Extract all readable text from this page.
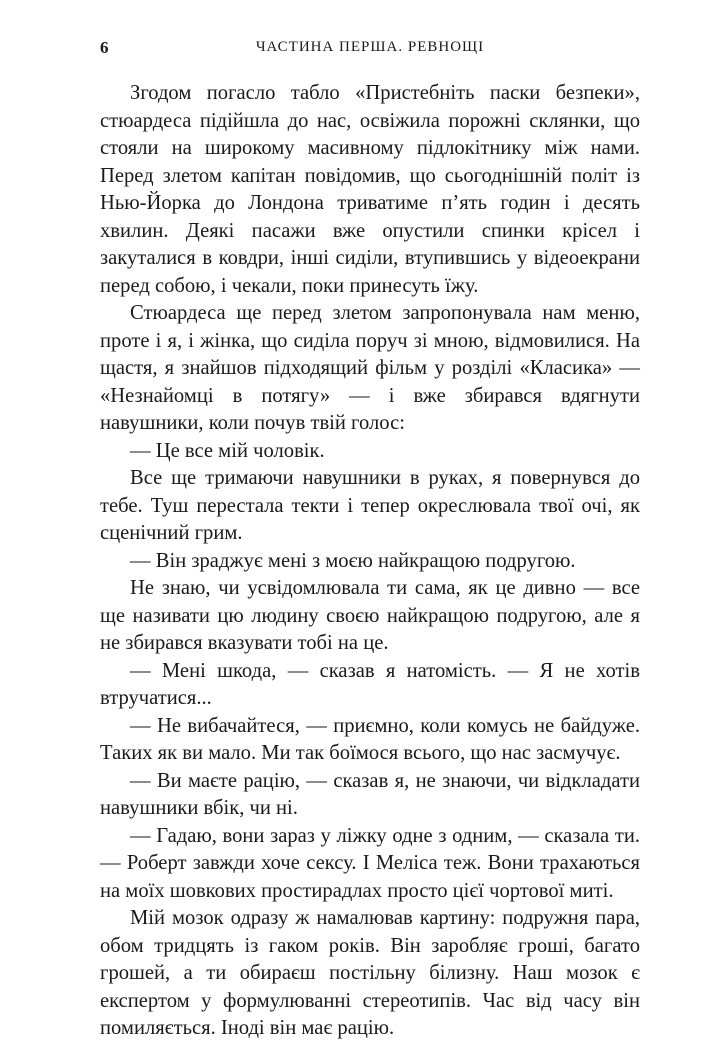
6	ЧАСТИНА ПЕРША. РЕВНОЩІ

Згодом погасло табло «Пристебніть паски безпеки», стюардеса підійшла до нас, освіжила порожні склянки, що стояли на широкому масивному підлокітнику між нами. Перед злетом капітан повідомив, що сьогоднішній політ із Нью-Йорка до Лондона триватиме п’ять годин і десять хвилин. Деякі пасажи вже опустили спинки крісел і закуталися в ковдри, інші сиділи, втупившись у відеоекрани перед собою, і чекали, поки принесуть їжу.

Стюардеса ще перед злетом запропонувала нам меню, проте і я, і жінка, що сиділа поруч зі мною, відмовилися. На щастя, я знайшов підходящий фільм у розділі «Класика» — «Незнайомці в потягу» — і вже збирався вдягнути навушники, коли почув твій голос:

— Це все мій чоловік.

Все ще тримаючи навушники в руках, я повернувся до тебе. Туш перестала текти і тепер окреслювала твої очі, як сценічний грим.

— Він зраджує мені з моєю найкращою подругою.

Не знаю, чи усвідомлювала ти сама, як це дивно — все ще називати цю людину своєю найкращою подругою, але я не збирався вказувати тобі на це.

— Мені шкода, — сказав я натомість. — Я не хотів втручатися...

— Не вибачайтеся, — приємно, коли комусь не байдуже. Таких як ви мало. Ми так боїмося всього, що нас засмучує.

— Ви маєте рацію, — сказав я, не знаючи, чи відкладати навушники вбік, чи ні.

— Гадаю, вони зараз у ліжку одне з одним, — сказала ти.— Роберт завжди хоче сексу. І Меліса теж. Вони трахаються на моїх шовкових простирадлах просто цієї чортової миті.

Мій мозок одразу ж намалював картину: подружня пара, обом тридцять із гаком років. Він заробляє гроші, багато грошей, а ти обираєш постільну білизну. Наш мозок є експертом у формулюванні стереотипів. Час від часу він помиляється. Іноді він має рацію.
